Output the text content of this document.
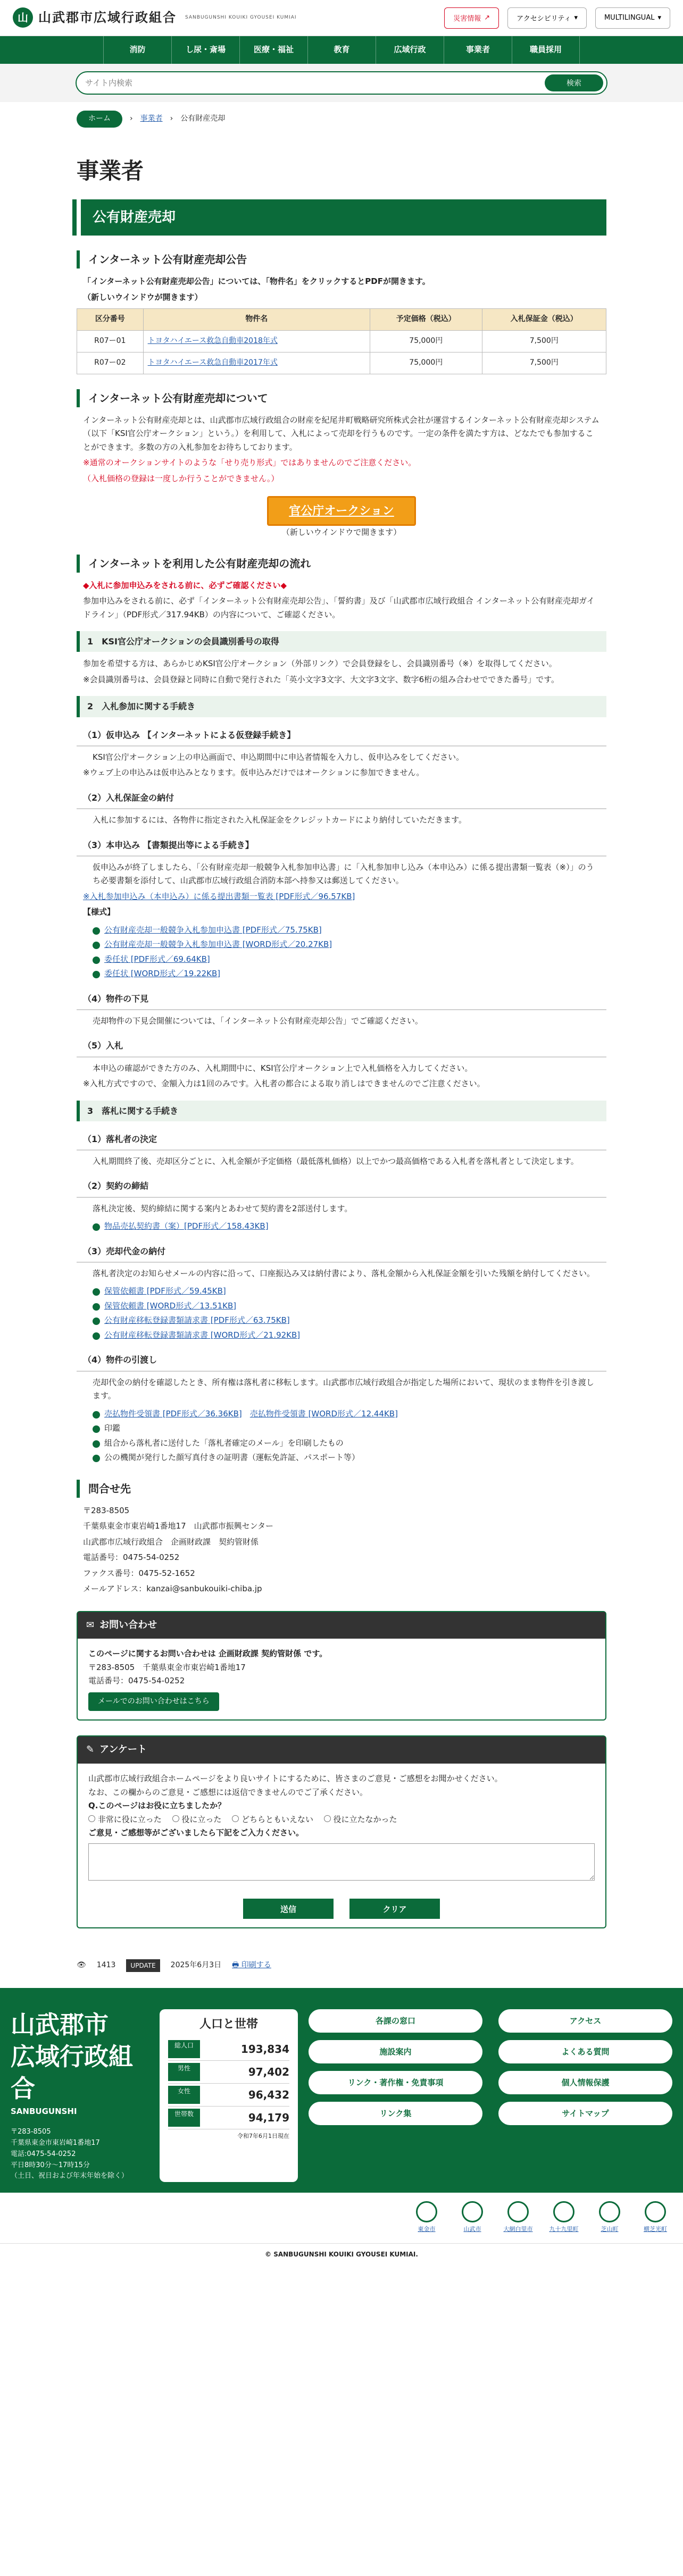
山 山武郡市広域行政組合 SANBUGUNSHI KOUIKI GYOUSEI KUMIAI	災害情報 ↗	アクセシビリティ ▾	MULTILINGUAL ▾
消防	し尿・斎場	医療・福祉	教育	広域行政	事業者	職員採用
サイト内検索
検索
ホーム	› 事業者 › 公有財産売却
事業者
公有財産売却
インターネット公有財産売却公告
「インターネット公有財産売却公告」については、「物件名」をクリックするとPDFが開きます。
（新しいウインドウが開きます）
区分番号	物件名	予定価格（税込）	入札保証金（税込）
R07ー01	トヨタハイエース救急自動車2018年式	75,000円	7,500円
R07ー02	トヨタハイエース救急自動車2017年式	75,000円	7,500円
インターネット公有財産売却について
インターネット公有財産売却とは、山武郡市広域行政組合の財産を紀尾井町戦略研究所株式会社が運営するインターネット公有財産売却システム（以下「KSI官公庁オークション」という。）を利用して、入札によって売却を行うものです。一定の条件を満たす方は、どなたでも参加することができます。多数の方の入札参加をお待ちしております。
※通常のオークションサイトのような「せり売り形式」ではありませんのでご注意ください。
（入札価格の登録は一度しか行うことができません。）
官公庁オークション
（新しいウインドウで開きます）
インターネットを利用した公有財産売却の流れ
◆入札に参加申込みをされる前に、必ずご確認ください◆
参加申込みをされる前に、必ず「インターネット公有財産売却公告」、「誓約書」及び「山武郡市広域行政組合 インターネット公有財産売却ガイドライン」（PDF形式／317.94KB）の内容について、ご確認ください。
1　KSI官公庁オークションの会員識別番号の取得
参加を希望する方は、あらかじめKSI官公庁オークション（外部リンク）で会員登録をし、会員識別番号（※）を取得してください。
※会員識別番号は、会員登録と同時に自動で発行された「英小文字3文字、大文字3文字、数字6桁の組み合わせでできた番号」です。
2　入札参加に関する手続き
（1）仮申込み 【インターネットによる仮登録手続き】
KSI官公庁オークション上の申込画面で、申込期間中に申込者情報を入力し、仮申込みをしてください。
※ウェブ上の申込みは仮申込みとなります。仮申込みだけではオークションに参加できません。
（2）入札保証金の納付
入札に参加するには、各物件に指定された入札保証金をクレジットカードにより納付していただきます。
（3）本申込み 【書類提出等による手続き】
仮申込みが終了しましたら、「公有財産売却一般競争入札参加申込書」に「入札参加申し込み（本申込み）に係る提出書類一覧表（※）」のうち必要書類を添付して、山武郡市広域行政組合消防本部へ持参又は郵送してください。
※入札参加申込み（本申込み）に係る提出書類一覧表 [PDF形式／96.57KB]
【様式】
公有財産売却一般競争入札参加申込書 [PDF形式／75.75KB]
公有財産売却一般競争入札参加申込書 [WORD形式／20.27KB]
委任状 [PDF形式／69.64KB]
委任状 [WORD形式／19.22KB]
（4）物件の下見
売却物件の下見会開催については、「インターネット公有財産売却公告」でご確認ください。
（5）入札
本申込の確認ができた方のみ、入札期間中に、KSI官公庁オークション上で入札価格を入力してください。
※入札方式ですので、金額入力は1回のみです。入札者の都合による取り消しはできませんのでご注意ください。
3　落札に関する手続き
（1）落札者の決定
入札期間終了後、売却区分ごとに、入札金額が予定価格（最低落札価格）以上でかつ最高価格である入札者を落札者として決定します。
（2）契約の締結
落札決定後、契約締結に関する案内とあわせて契約書を2部送付します。
物品売払契約書（案）[PDF形式／158.43KB]
（3）売却代金の納付
落札者決定のお知らせメールの内容に沿って、口座振込み又は納付書により、落札金額から入札保証金額を引いた残額を納付してください。
保管依頼書 [PDF形式／59.45KB]
保管依頼書 [WORD形式／13.51KB]
公有財産移転登録書類請求書 [PDF形式／63.75KB]
公有財産移転登録書類請求書 [WORD形式／21.92KB]
（4）物件の引渡し
売却代金の納付を確認したとき、所有権は落札者に移転します。山武郡市広域行政組合が指定した場所において、現状のまま物件を引き渡します。
売払物件受領書 [PDF形式／36.36KB]　 売払物件受領書 [WORD形式／12.44KB]
印鑑
組合から落札者に送付した「落札者確定のメール」を印刷したもの
公の機関が発行した顔写真付きの証明書（運転免許証、パスポート等）
問合せ先
〒283-8505
千葉県東金市東岩崎1番地17　山武郡市振興センター
山武郡市広域行政組合　企画財政課　契約管財係
電話番号：0475-54-0252
ファクス番号：0475-52-1652
メールアドレス：kanzai@sanbukouiki-chiba.jp
✉ お問い合わせ
このページに関するお問い合わせは 企画財政課 契約管財係 です。
〒283-8505　千葉県東金市東岩崎1番地17
電話番号：0475-54-0252
メールでのお問い合わせはこちら
✎ アンケート
山武郡市広域行政組合ホームページをより良いサイトにするために、皆さまのご意見・ご感想をお聞かせください。
なお、この欄からのご意見・ご感想には返信できませんのでご了承ください。
Q.このページはお役に立ちましたか？
非常に役に立った　	役に立った　	どちらともいえない　	役に立たなかった
ご意見・ご感想等がございましたら下記をご入力ください。
送信	クリア
👁 1413	UPDATE	2025年6月3日 🖶 印刷する
山武郡市
広域行政組合
SANBUGUNSHI
〒283-8505
千葉県東金市東岩崎1番地17
電話:0475-54-0252
平日8時30分～17時15分
（土日、祝日および年末年始を除く）
人口と世帯
総人口	193,834
男性	97,402
女性	96,432
世帯数	94,179
令和7年6月1日現在
各課の窓口	アクセス
施設案内	よくある質問
リンク・著作権・免責事項	個人情報保護
リンク集	サイトマップ
東金市	山武市	大網白里市	九十九里町	芝山町	横芝光町
© SANBUGUNSHI KOUIKI GYOUSEI KUMIAI.
